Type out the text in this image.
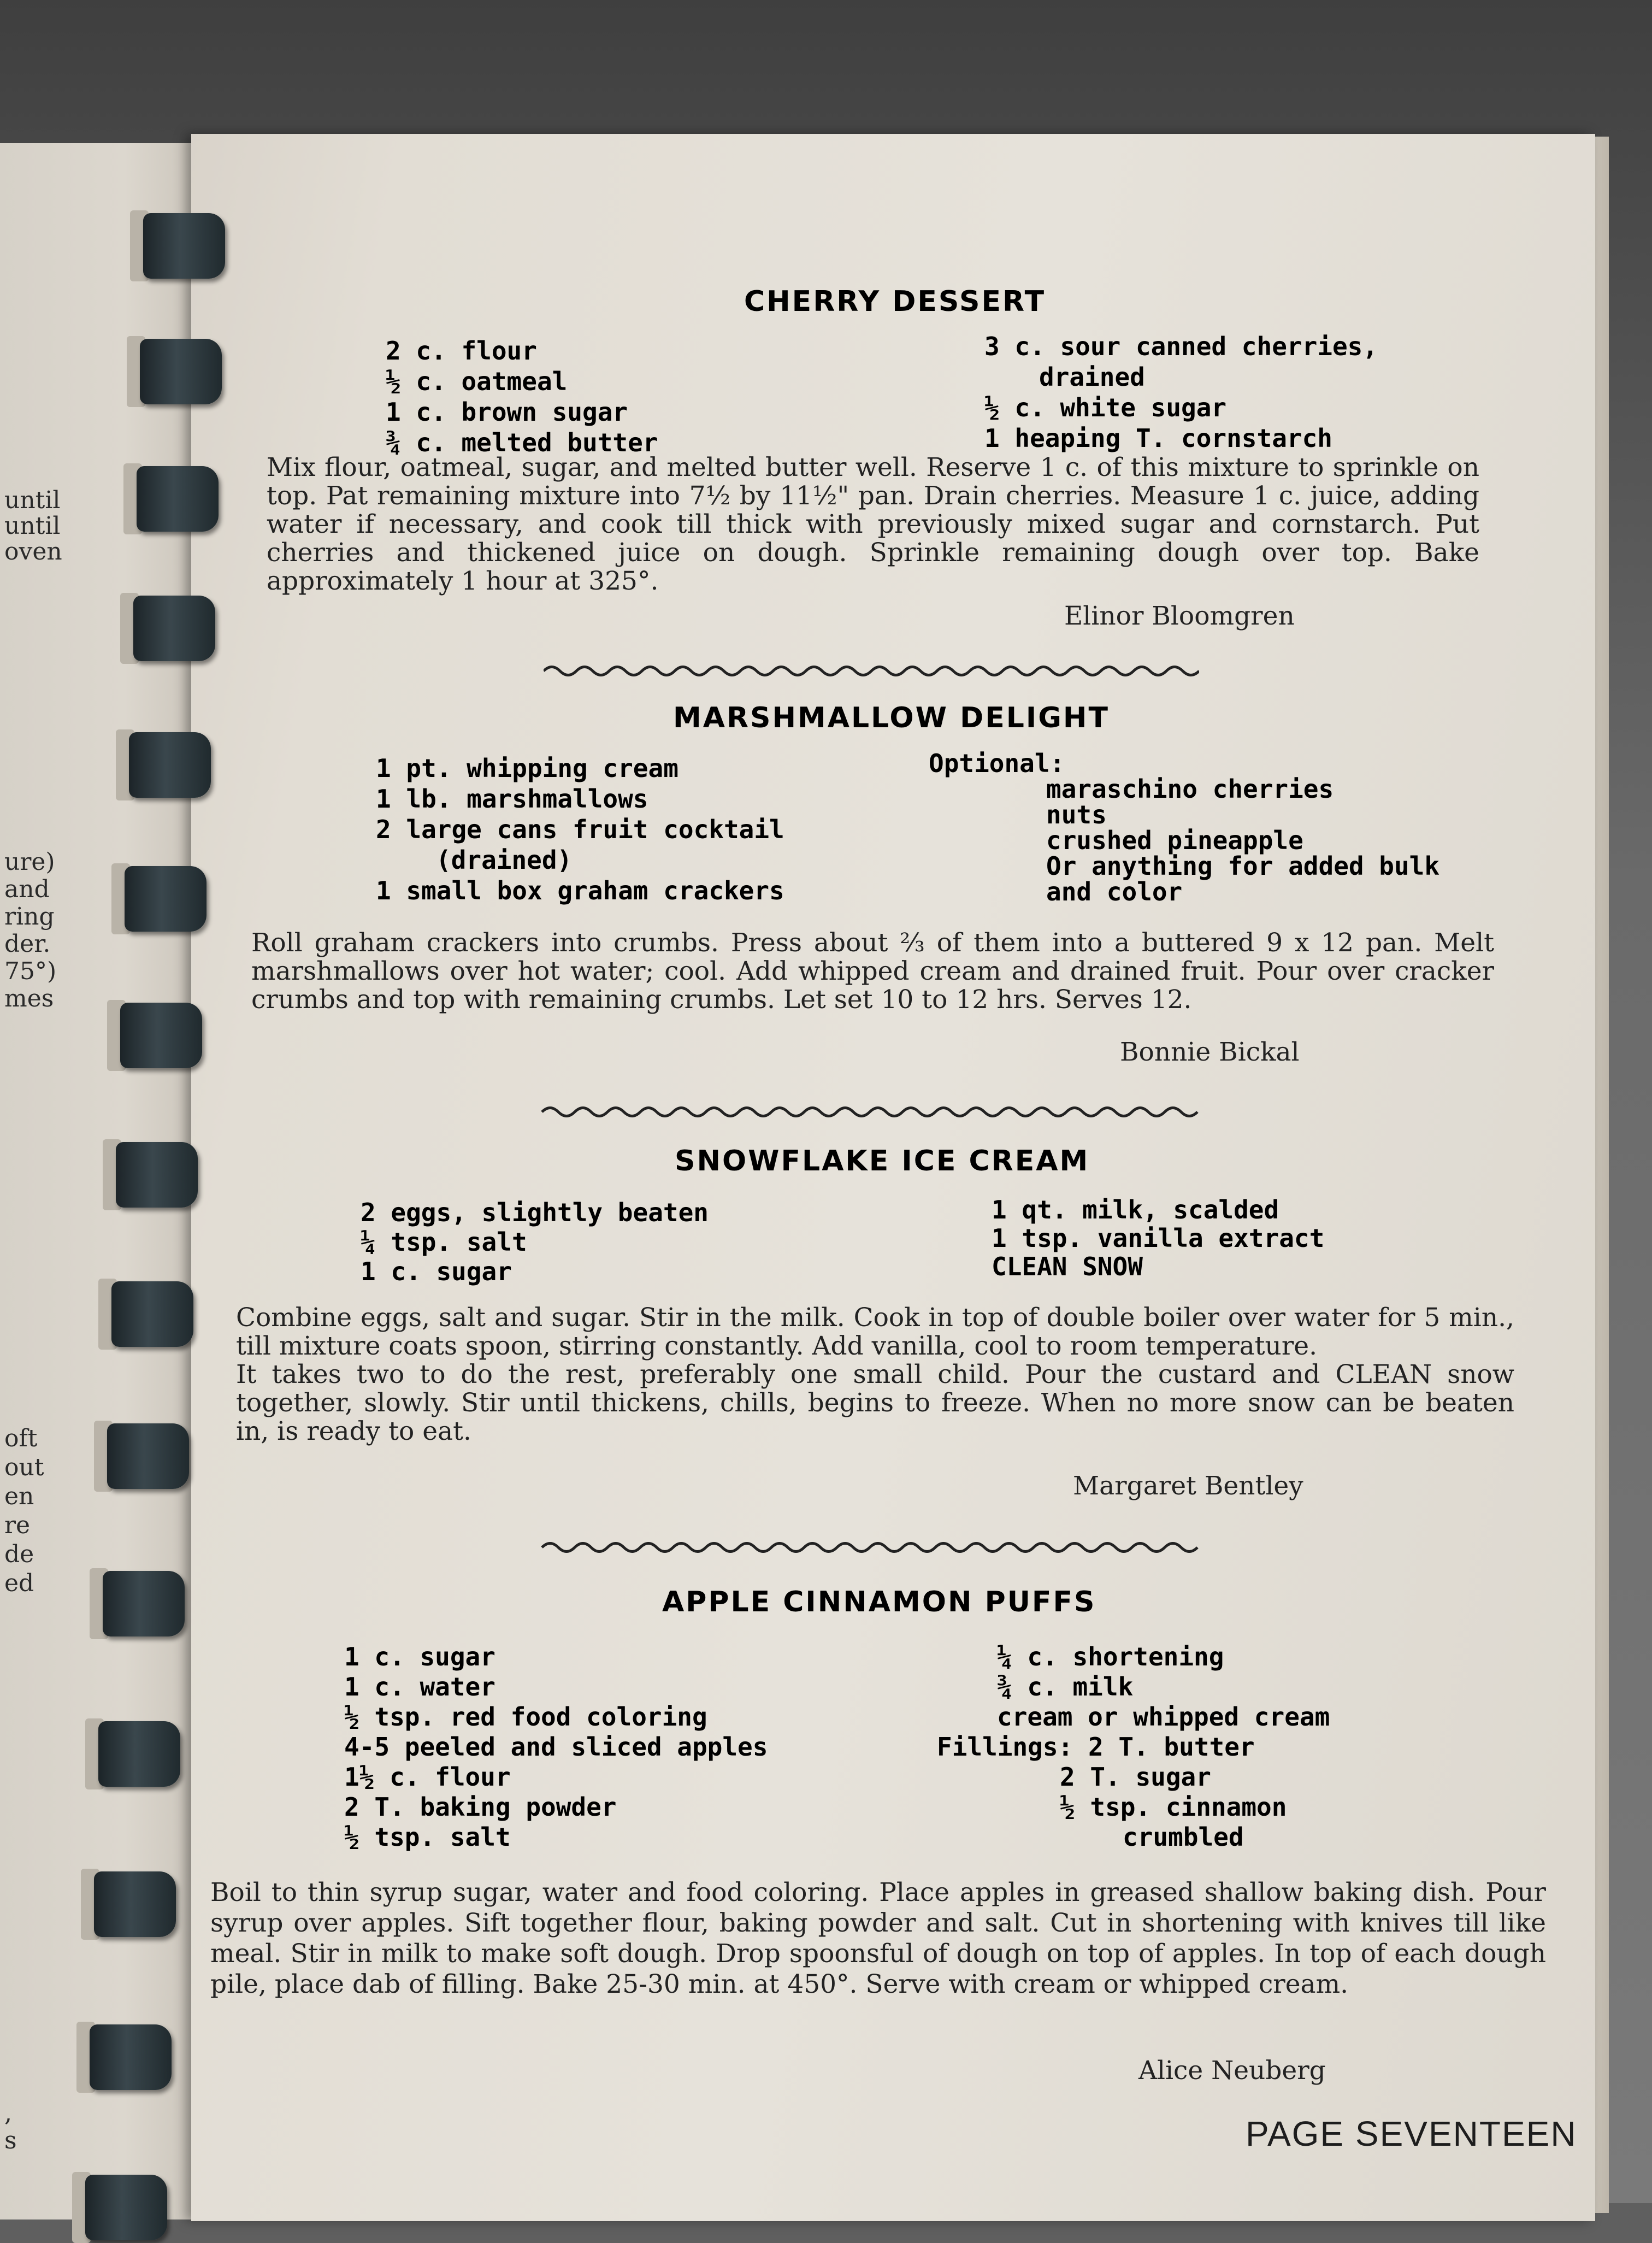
until
until
oven
ure)
and
ring
der.
75°)
mes
oft
out
en
re
de
ed
,
s
CHERRY DESSERT
2 c. flour
½ c. oatmeal
1 c. brown sugar
¾ c. melted butter
3 c. sour canned cherries,
drained
½ c. white sugar
1 heaping T. cornstarch

Mix flour, oatmeal, sugar, and melted butter well. Reserve 1 c. of this mixture to sprinkle on top. Pat remaining mixture into 7½ by 11½" pan. Drain cherries. Measure 1 c. juice, adding water if necessary, and cook till thick with previously mixed sugar and cornstarch. Put cherries and thickened juice on dough. Sprinkle remaining dough over top. Bake approximately 1 hour at 325°.

Elinor Bloomgren
MARSHMALLOW DELIGHT
1 pt. whipping cream
1 lb. marshmallows
2 large cans fruit cocktail
(drained)
1 small box graham crackers
Optional:
maraschino cherries
nuts
crushed pineapple
Or anything for added bulk
and color

Roll graham crackers into crumbs. Press about ⅔ of them into a buttered 9 x 12 pan. Melt marshmallows over hot water; cool. Add whipped cream and drained fruit. Pour over cracker crumbs and top with remaining crumbs. Let set 10 to 12 hrs. Serves 12.

Bonnie Bickal
SNOWFLAKE ICE CREAM
2 eggs, slightly beaten
¼ tsp. salt
1 c. sugar
1 qt. milk, scalded
1 tsp. vanilla extract
CLEAN SNOW

Combine eggs, salt and sugar. Stir in the milk. Cook in top of double boiler over water for 5 min., till mixture coats spoon, stirring constantly. Add vanilla, cool to room temperature.

It takes two to do the rest, preferably one small child. Pour the custard and CLEAN snow together, slowly. Stir until thickens, chills, begins to freeze. When no more snow can be beaten in, is ready to eat.

Margaret Bentley
APPLE CINNAMON PUFFS
1 c. sugar
1 c. water
½ tsp. red food coloring
4-5 peeled and sliced apples
1½ c. flour
2 T. baking powder
½ tsp. salt
¼ c. shortening
¾ c. milk
cream or whipped cream
Fillings: 2 T. butter
2 T. sugar
½ tsp. cinnamon
crumbled

Boil to thin syrup sugar, water and food coloring. Place apples in greased shallow baking dish. Pour syrup over apples. Sift together flour, baking powder and salt. Cut in shortening with knives till like meal. Stir in milk to make soft dough. Drop spoonsful of dough on top of apples. In top of each dough pile, place dab of filling. Bake 25-30 min. at 450°. Serve with cream or whipped cream.

Alice Neuberg
PAGE SEVENTEEN
